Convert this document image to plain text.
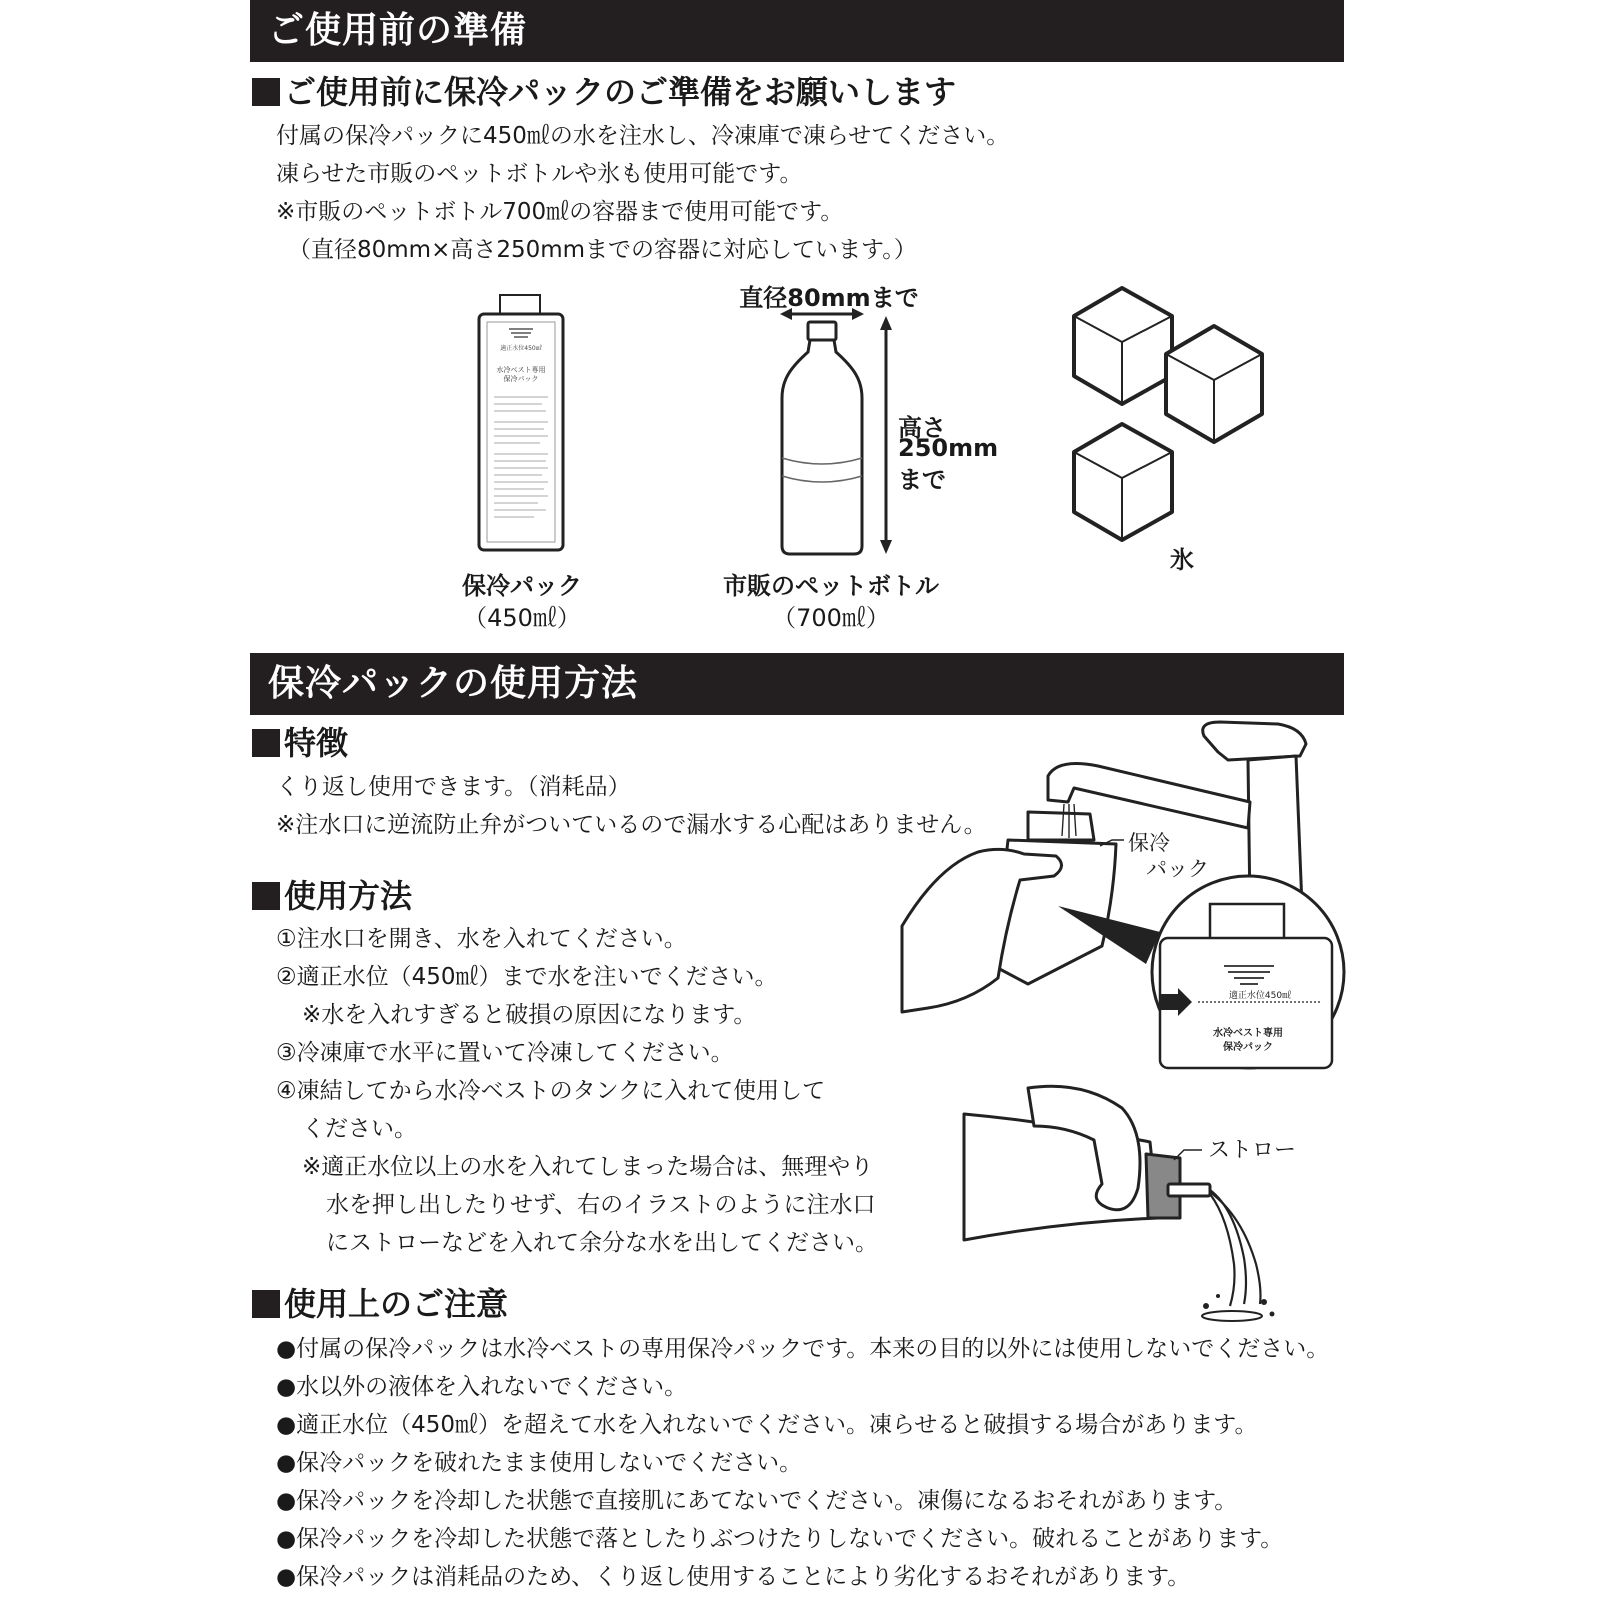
ご使用前の準備
ご使用前に保冷パックのご準備をお願いします
付属の保冷パックに450㎖の水を注水し、冷凍庫で凍らせてください。
凍らせた市販のペットボトルや氷も使用可能です。
※市販のペットボトル700㎖の容器まで使用可能です。
（直径80mm×高さ250mmまでの容器に対応しています。）
適正水位450㎖
水冷ベスト専用
保冷パック
保冷パック
（450㎖）
直径80mmまで
高さ
250mm
まで
市販のペットボトル
（700㎖）
氷
保冷パックの使用方法
特徴
くり返し使用できます。（消耗品）
※注水口に逆流防止弁がついているので漏水する心配はありません。
使用方法
①注水口を開き、水を入れてください。
②適正水位（450㎖）まで水を注いでください。
※水を入れすぎると破損の原因になります。
③冷凍庫で水平に置いて冷凍してください。
④凍結してから水冷ベストのタンクに入れて使用して
ください。
※適正水位以上の水を入れてしまった場合は、無理やり
水を押し出したりせず、右のイラストのように注水口
にストローなどを入れて余分な水を出してください。
適正水位450㎖
水冷ベスト専用
保冷パック
保冷
パック
ストロー
使用上のご注意
●付属の保冷パックは水冷ベストの専用保冷パックです。本来の目的以外には使用しないでください。
●水以外の液体を入れないでください。
●適正水位（450㎖）を超えて水を入れないでください。凍らせると破損する場合があります。
●保冷パックを破れたまま使用しないでください。
●保冷パックを冷却した状態で直接肌にあてないでください。凍傷になるおそれがあります。
●保冷パックを冷却した状態で落としたりぶつけたりしないでください。破れることがあります。
●保冷パックは消耗品のため、くり返し使用することにより劣化するおそれがあります。
